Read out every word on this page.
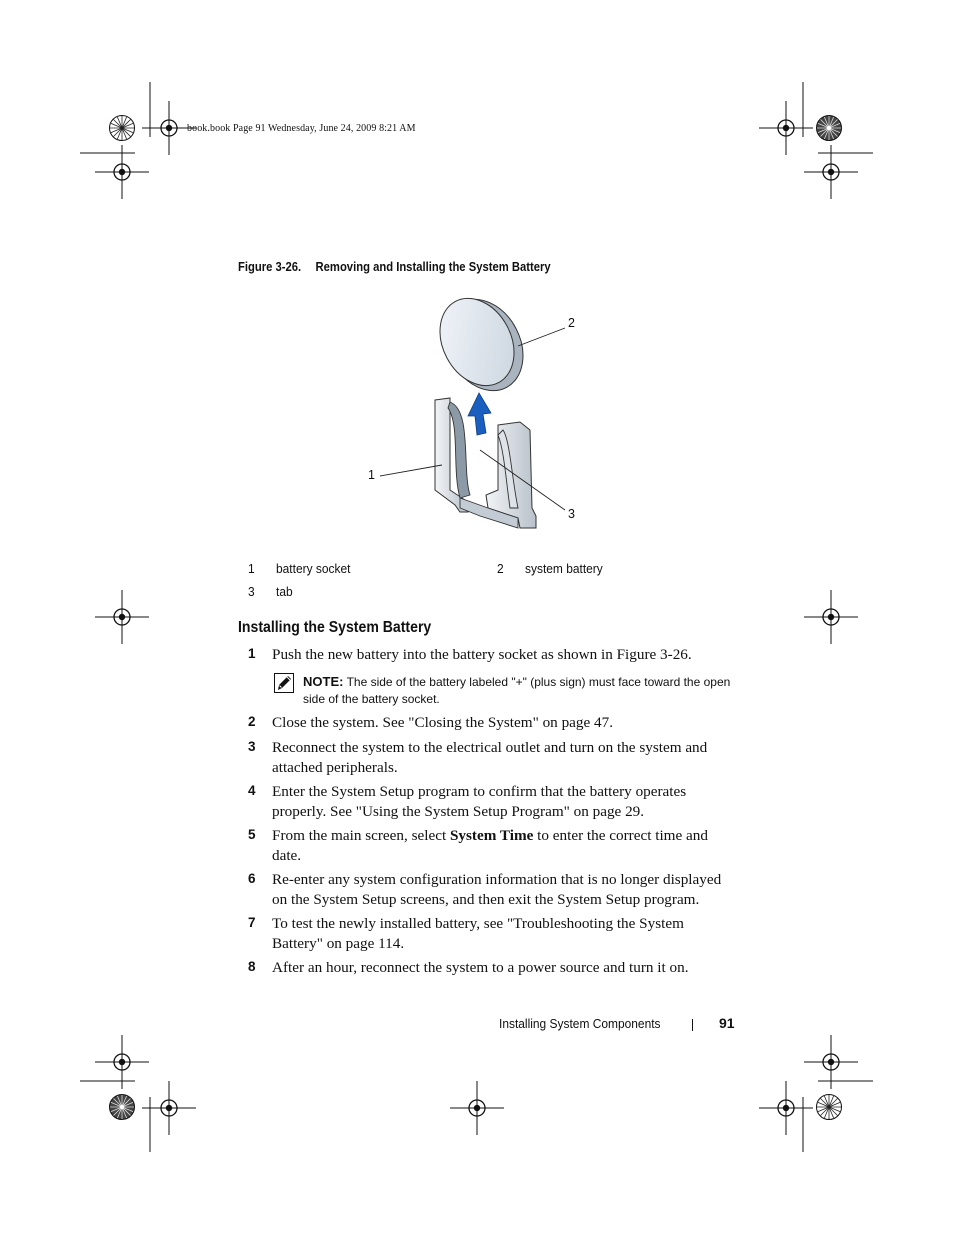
book.book Page 91 Wednesday, June 24, 2009 8:21 AM
Figure 3-26. Removing and Installing the System Battery
2
1
3
1 battery socket	2 system battery
3 tab
Installing the System Battery
1 Push the new battery into the battery socket as shown in Figure 3-26.
NOTE: The side of the battery labeled "+" (plus sign) must face toward the open side of the battery socket.
2 Close the system. See "Closing the System" on page 47.
3 Reconnect the system to the electrical outlet and turn on the system and attached peripherals.
4 Enter the System Setup program to confirm that the battery operates properly. See "Using the System Setup Program" on page 29.
5 From the main screen, select System Time to enter the correct time and date.
6 Re-enter any system configuration information that is no longer displayed on the System Setup screens, and then exit the System Setup program.
7 To test the newly installed battery, see "Troubleshooting the System Battery" on page 114.
8 After an hour, reconnect the system to a power source and turn it on.
Installing System Components	91
